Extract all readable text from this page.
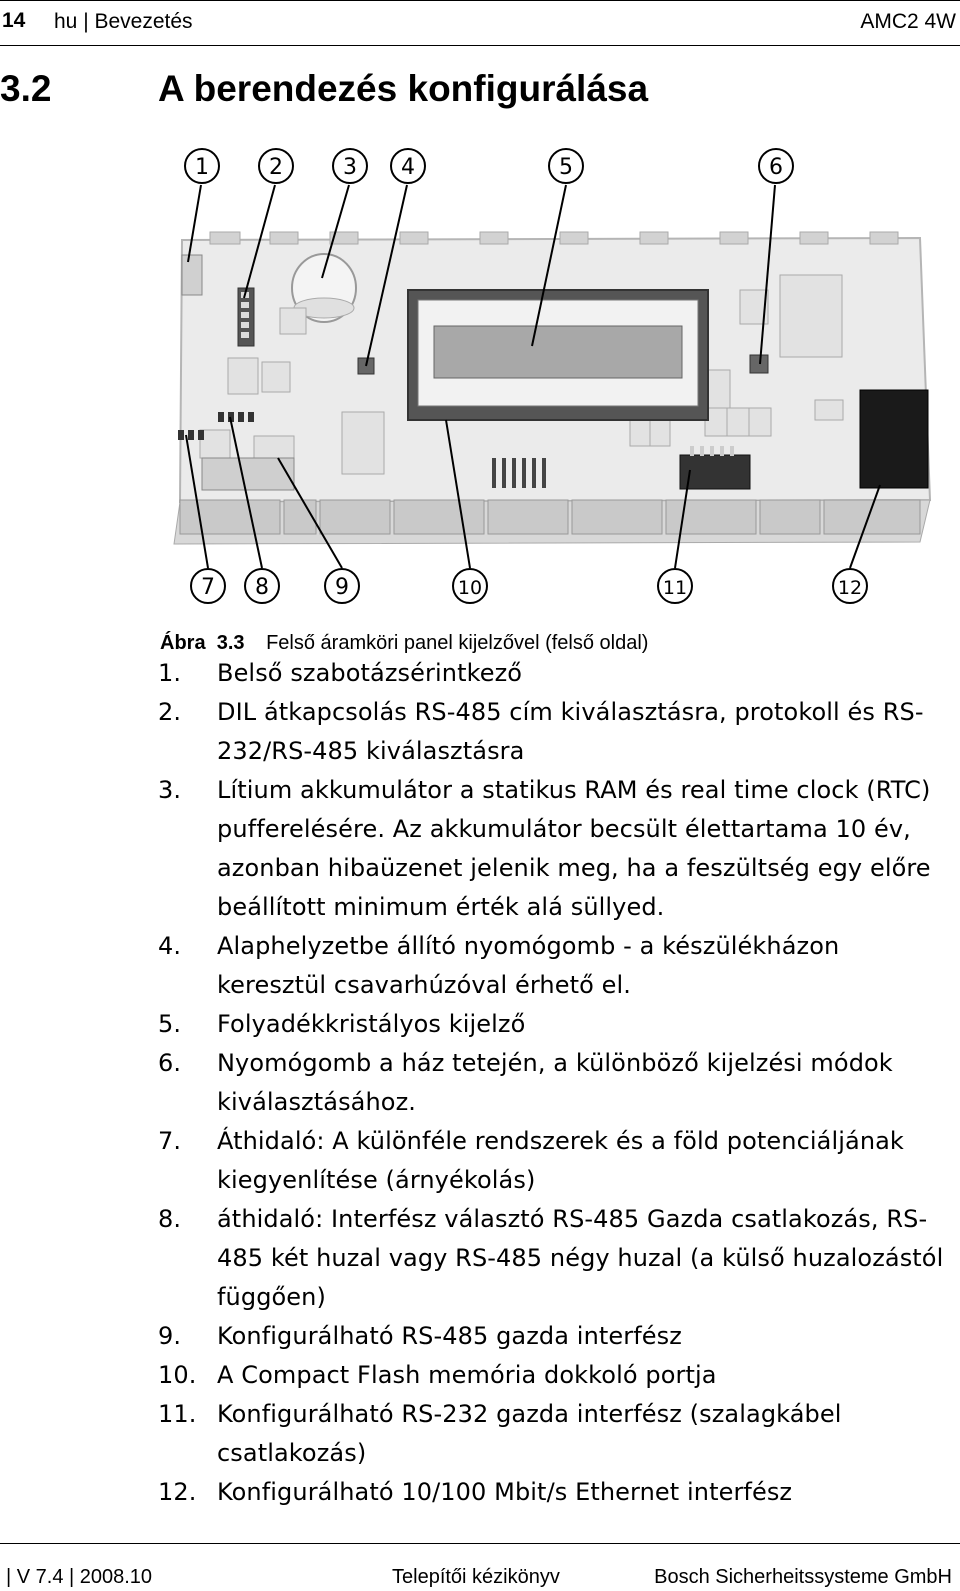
14 hu | Bevezetés	AMC2 4W
3.2	A berendezés konfigurálása
1	2	3 4	5	6
7 8	9	10	11	12
Ábra 3.3 Felső áramköri panel kijelzővel (felső oldal)
1. Belső szabotázsérintkező
2. DIL átkapcsolás RS-485 cím kiválasztásra, protokoll és RS-232/RS-485 kiválasztásra
3. Lítium akkumulátor a statikus RAM és real time clock (RTC) pufferelésére. Az akkumulátor becsült élettartama 10 év, azonban hibaüzenet jelenik meg, ha a feszültség egy előre beállított minimum érték alá süllyed.
4. Alaphelyzetbe állító nyomógomb - a készülékházon keresztül csavarhúzóval érhető el.
5. Folyadékkristályos kijelző
6. Nyomógomb a ház tetején, a különböző kijelzési módok kiválasztásához.
7. Áthidaló: A különféle rendszerek és a föld potenciáljának kiegyenlítése (árnyékolás)
8. áthidaló: Interfész választó RS-485 Gazda csatlakozás, RS-485 két huzal vagy RS-485 négy huzal (a külső huzalozástól függően)
9. Konfigurálható RS-485 gazda interfész
10. A Compact Flash memória dokkoló portja
11. Konfigurálható RS-232 gazda interfész (szalagkábel csatlakozás)
12. Konfigurálható 10/100 Mbit/s Ethernet interfész
| V 7.4 | 2008.10	Telepítői kézikönyv	Bosch Sicherheitssysteme GmbH
